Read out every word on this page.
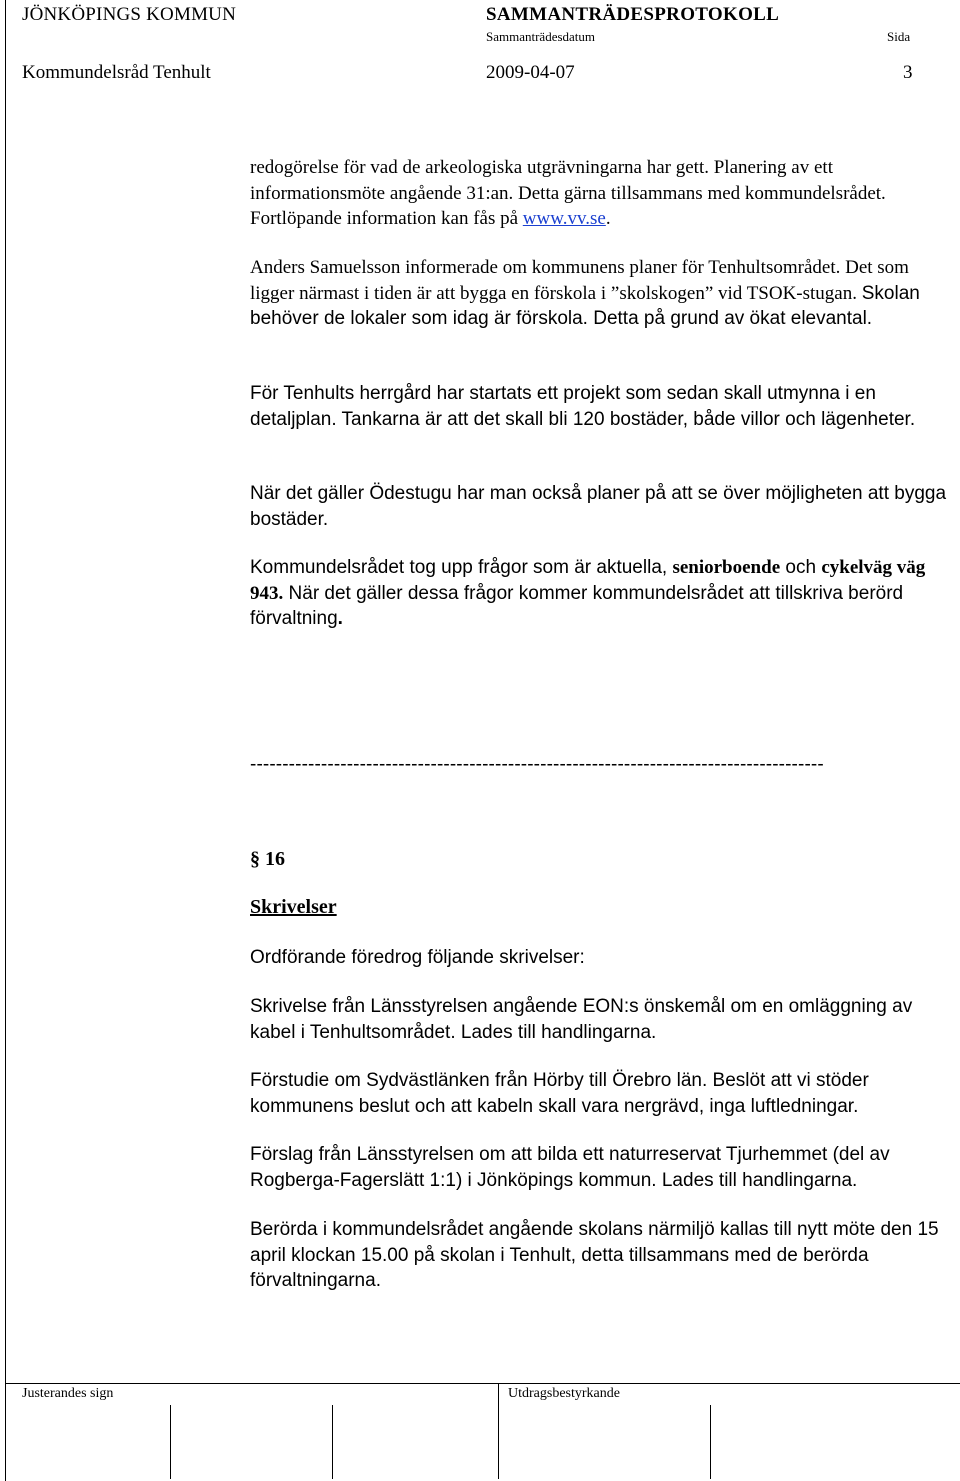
JÖNKÖPINGS KOMMUN	SAMMANTRÄDESPROTOKOLL
Sammanträdesdatum	Sida
Kommundelsråd Tenhult	2009-04-07	3

redogörelse för vad de arkeologiska utgrävningarna har gett. Planering av ett informationsmöte angående 31:an. Detta gärna tillsammans med kommundelsrådet. Fortlöpande information kan fås på www.vv.se.

Anders Samuelsson informerade om kommunens planer för Tenhultsområdet. Det som ligger närmast i tiden är att bygga en förskola i ”skolskogen” vid TSOK-stugan. Skolan behöver de lokaler som idag är förskola. Detta på grund av ökat elevantal.

För Tenhults herrgård har startats ett projekt som sedan skall utmynna i en detaljplan. Tankarna är att det skall bli 120 bostäder, både villor och lägenheter.

När det gäller Ödestugu har man också planer på att se över möjligheten att bygga bostäder.

Kommundelsrådet tog upp frågor som är aktuella, seniorboende och cykelväg väg 943. När det gäller dessa frågor kommer kommundelsrådet att tillskriva berörd förvaltning.

-----------------------------------------------------------------------------------------
§ 16
Skrivelser

Ordförande föredrog följande skrivelser:

Skrivelse från Länsstyrelsen angående EON:s önskemål om en omläggning av kabel i Tenhultsområdet. Lades till handlingarna.

Förstudie om Sydvästlänken från Hörby till Örebro län. Beslöt att vi stöder kommunens beslut och att kabeln skall vara nergrävd, inga luftledningar.

Förslag från Länsstyrelsen om att bilda ett naturreservat Tjurhemmet (del av Rogberga-Fagerslätt 1:1) i Jönköpings kommun. Lades till handlingarna.

Berörda i kommundelsrådet angående skolans närmiljö kallas till nytt möte den 15 april klockan 15.00 på skolan i Tenhult, detta tillsammans med de berörda förvaltningarna.

Justerandes sign	Utdragsbestyrkande
